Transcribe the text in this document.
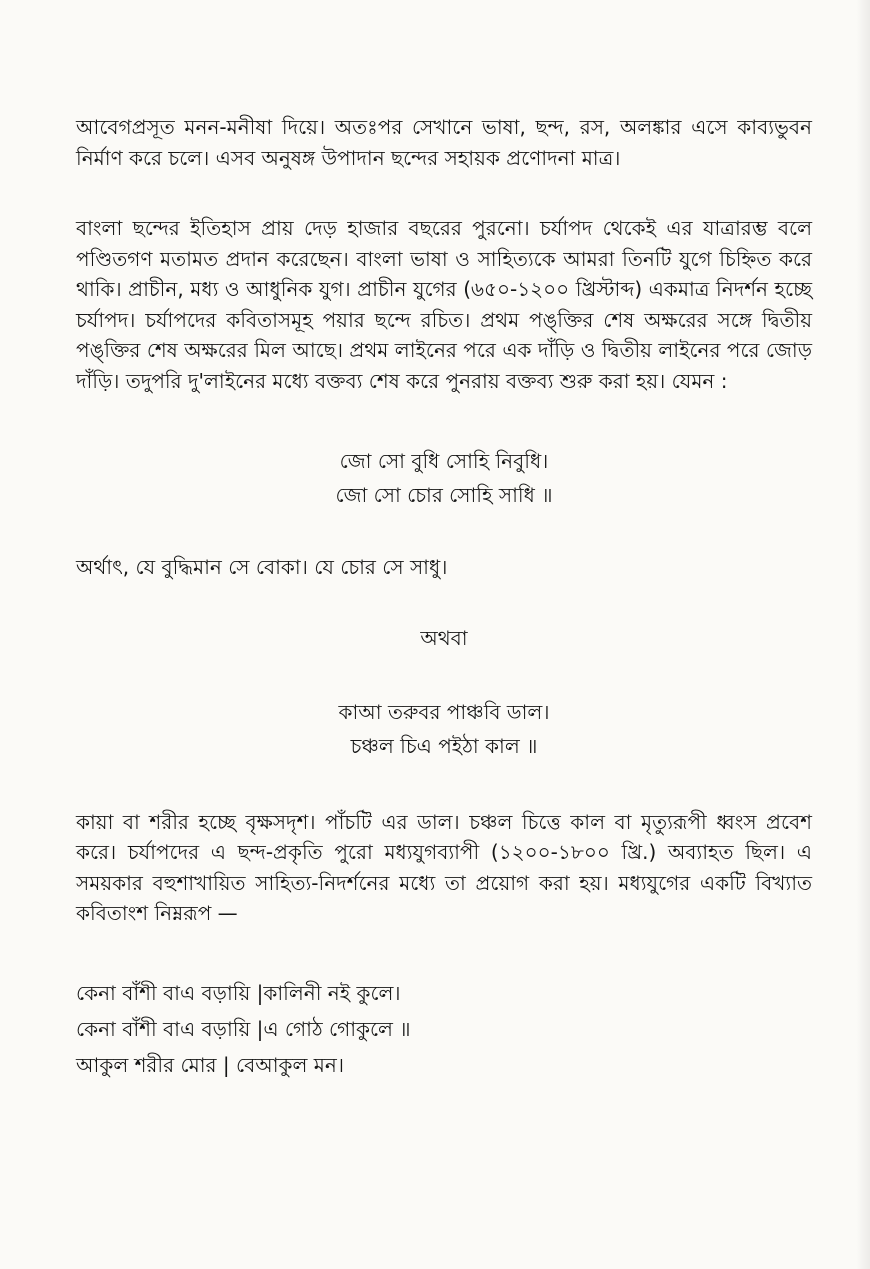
আবেগপ্রসূত মনন-মনীষা দিয়ে। অতঃপর সেখানে ভাষা, ছন্দ, রস, অলঙ্কার এসে কাব্যভুবন নির্মাণ করে চলে। এসব অনুষঙ্গ উপাদান ছন্দের সহায়ক প্রণোদনা মাত্র।

বাংলা ছন্দের ইতিহাস প্রায় দেড় হাজার বছরের পুরনো। চর্যাপদ থেকেই এর যাত্রারম্ভ বলে পণ্ডিতগণ মতামত প্রদান করেছেন। বাংলা ভাষা ও সাহিত্যকে আমরা তিনটি যুগে চিহ্নিত করে থাকি। প্রাচীন, মধ্য ও আধুনিক যুগ। প্রাচীন যুগের (৬৫০-১২০০ খ্রিস্টাব্দ) একমাত্র নিদর্শন হচ্ছে চর্যাপদ। চর্যাপদের কবিতাসমূহ পয়ার ছন্দে রচিত। প্রথম পঙ্‌ক্তির শেষ অক্ষরের সঙ্গে দ্বিতীয় পঙ্‌ক্তির শেষ অক্ষরের মিল আছে। প্রথম লাইনের পরে এক দাঁড়ি ও দ্বিতীয় লাইনের পরে জোড় দাঁড়ি। তদুপরি দু'লাইনের মধ্যে বক্তব্য শেষ করে পুনরায় বক্তব্য শুরু করা হয়। যেমন :

জো সো বুধি সোহি নিবুধি।
জো সো চোর সোহি সাধি ॥

অর্থাৎ, যে বুদ্ধিমান সে বোকা। যে চোর সে সাধু।

অথবা

কাআ তরুবর পাঞ্চবি ডাল।
চঞ্চল চিএ পইঠা কাল ॥

কায়া বা শরীর হচ্ছে বৃক্ষসদৃশ। পাঁচটি এর ডাল। চঞ্চল চিত্তে কাল বা মৃত্যুরূপী ধ্বংস প্রবেশ করে। চর্যাপদের এ ছন্দ-প্রকৃতি পুরো মধ্যযুগব্যাপী (১২০০-১৮০০ খ্রি.) অব্যাহত ছিল। এ সময়কার বহুশাখায়িত সাহিত্য-নিদর্শনের মধ্যে তা প্রয়োগ করা হয়। মধ্যযুগের একটি বিখ্যাত কবিতাংশ নিম্নরূপ —

কেনা বাঁশী বাএ বড়ায়ি |কালিনী নই কুলে।
কেনা বাঁশী বাএ বড়ায়ি |এ গোঠ গোকুলে ॥
আকুল শরীর মোর | বেআকুল মন।
